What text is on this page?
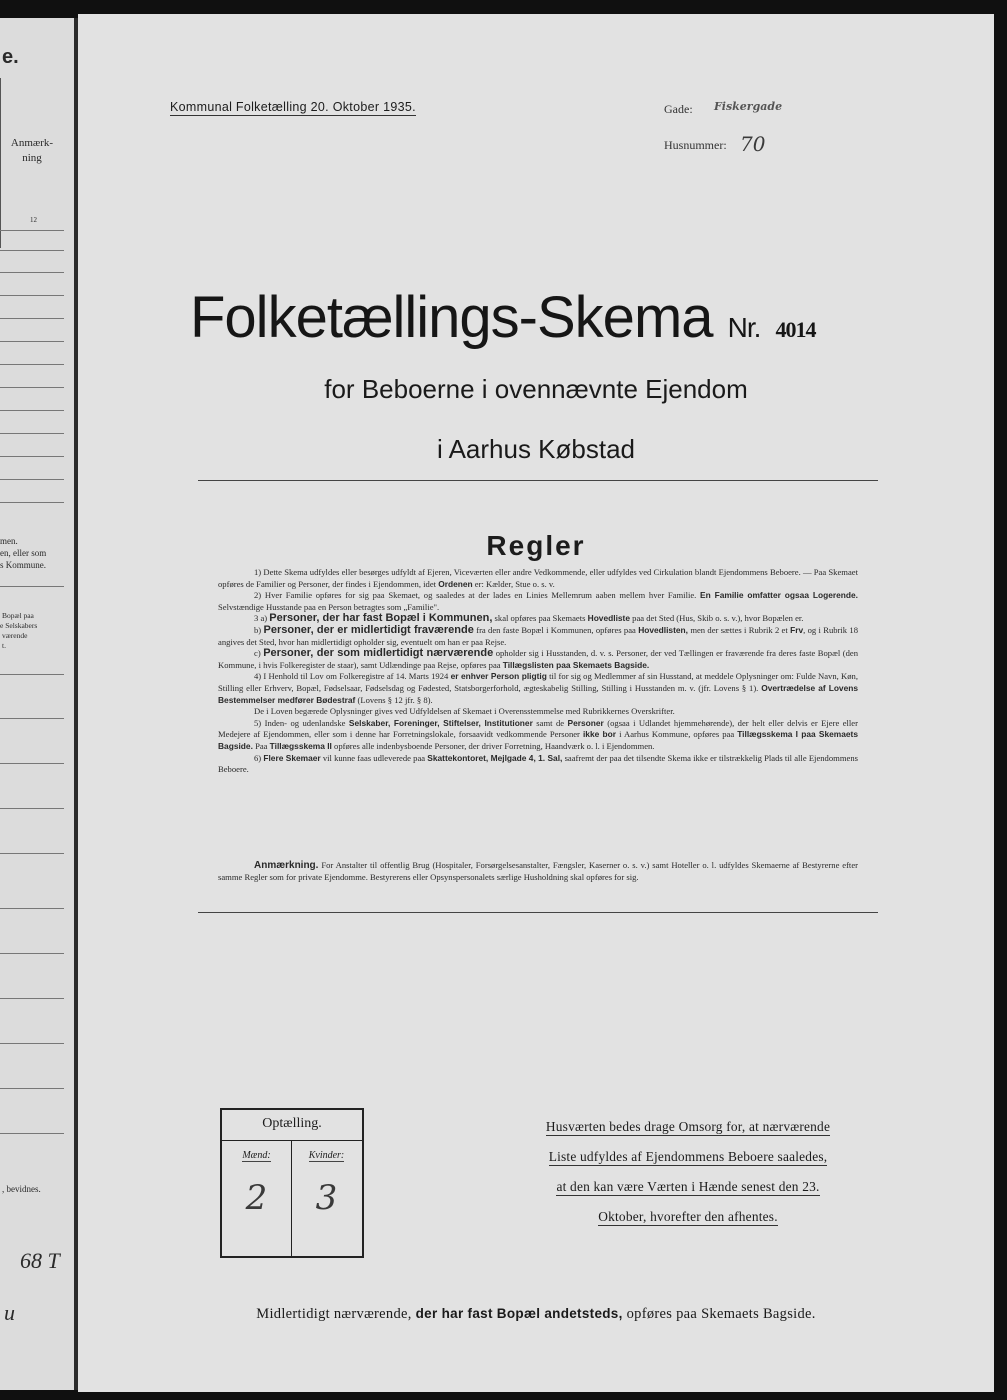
e.
Anmærk-
ning
12
men.
en, eller som
s Kommune.
Bopæl paa
e Selskabers
værende
t.
, bevidnes.
68 T
u
Kommunal Folketælling 20. Oktober 1935.	Gade: Fiskergade
Husnummer: 70
Folketællings-Skema Nr. 4014
for Beboerne i ovennævnte Ejendom
i Aarhus Købstad
Regler

1) Dette Skema udfyldes eller besørges udfyldt af Ejeren, Viceværten eller andre Vedkommende, eller udfyldes ved Cirkulation blandt Ejendommens Beboere. — Paa Skemaet opføres de Familier og Personer, der findes i Ejendommen, idet Ordenen er: Kælder, Stue o. s. v.

2) Hver Familie opføres for sig paa Skemaet, og saaledes at der lades en Linies Mellemrum aaben mellem hver Familie. En Familie omfatter ogsaa Logerende. Selvstændige Husstande paa en Person betragtes som „Familie".

3 a) Personer, der har fast Bopæl i Kommunen, skal opføres paa Skemaets Hovedliste paa det Sted (Hus, Skib o. s. v.), hvor Bopælen er.

b) Personer, der er midlertidigt fraværende fra den faste Bopæl i Kommunen, opføres paa Hovedlisten, men der sættes i Rubrik 2 et Frv, og i Rubrik 18 angives det Sted, hvor han midlertidigt opholder sig, eventuelt om han er paa Rejse.

c) Personer, der som midlertidigt nærværende opholder sig i Husstanden, d. v. s. Personer, der ved Tællingen er fraværende fra deres faste Bopæl (den Kommune, i hvis Folkeregister de staar), samt Udlændinge paa Rejse, opføres paa Tillægslisten paa Skemaets Bagside.

4) I Henhold til Lov om Folkeregistre af 14. Marts 1924 er enhver Person pligtig til for sig og Medlemmer af sin Husstand, at meddele Oplysninger om: Fulde Navn, Køn, Stilling eller Erhverv, Bopæl, Fødselsaar, Fødselsdag og Fødested, Statsborgerforhold, ægteskabelig Stilling, Stilling i Husstanden m. v. (jfr. Lovens § 1). Overtrædelse af Lovens Bestemmelser medfører Bødestraf (Lovens § 12 jfr. § 8).

De i Loven begærede Oplysninger gives ved Udfyldelsen af Skemaet i Overensstemmelse med Rubrikkernes Overskrifter.

5) Inden- og udenlandske Selskaber, Foreninger, Stiftelser, Institutioner samt de Personer (ogsaa i Udlandet hjemmehørende), der helt eller delvis er Ejere eller Medejere af Ejendommen, eller som i denne har Forretningslokale, forsaavidt vedkommende Personer ikke bor i Aarhus Kommune, opføres paa Tillægsskema I paa Skemaets Bagside. Paa Tillægsskema II opføres alle indenbysboende Personer, der driver Forretning, Haandværk o. l. i Ejendommen.

6) Flere Skemaer vil kunne faas udleverede paa Skattekontoret, Mejlgade 4, 1. Sal, saafremt der paa det tilsendte Skema ikke er tilstrækkelig Plads til alle Ejendommens Beboere.

Anmærkning. For Anstalter til offentlig Brug (Hospitaler, Forsørgelsesanstalter, Fængsler, Kaserner o. s. v.) samt Hoteller o. l. udfyldes Skemaerne af Bestyrerne efter samme Regler som for private Ejendomme. Bestyrerens eller Opsynspersonalets særlige Husholdning skal opføres for sig.

Optælling.
Mænd:	Kvinder:
2	3
Husværten bedes drage Omsorg for, at nærværende
Liste udfyldes af Ejendommens Beboere saaledes,
at den kan være Værten i Hænde senest den 23.
Oktober, hvorefter den afhentes.
Midlertidigt nærværende, der har fast Bopæl andetsteds, opføres paa Skemaets Bagside.
